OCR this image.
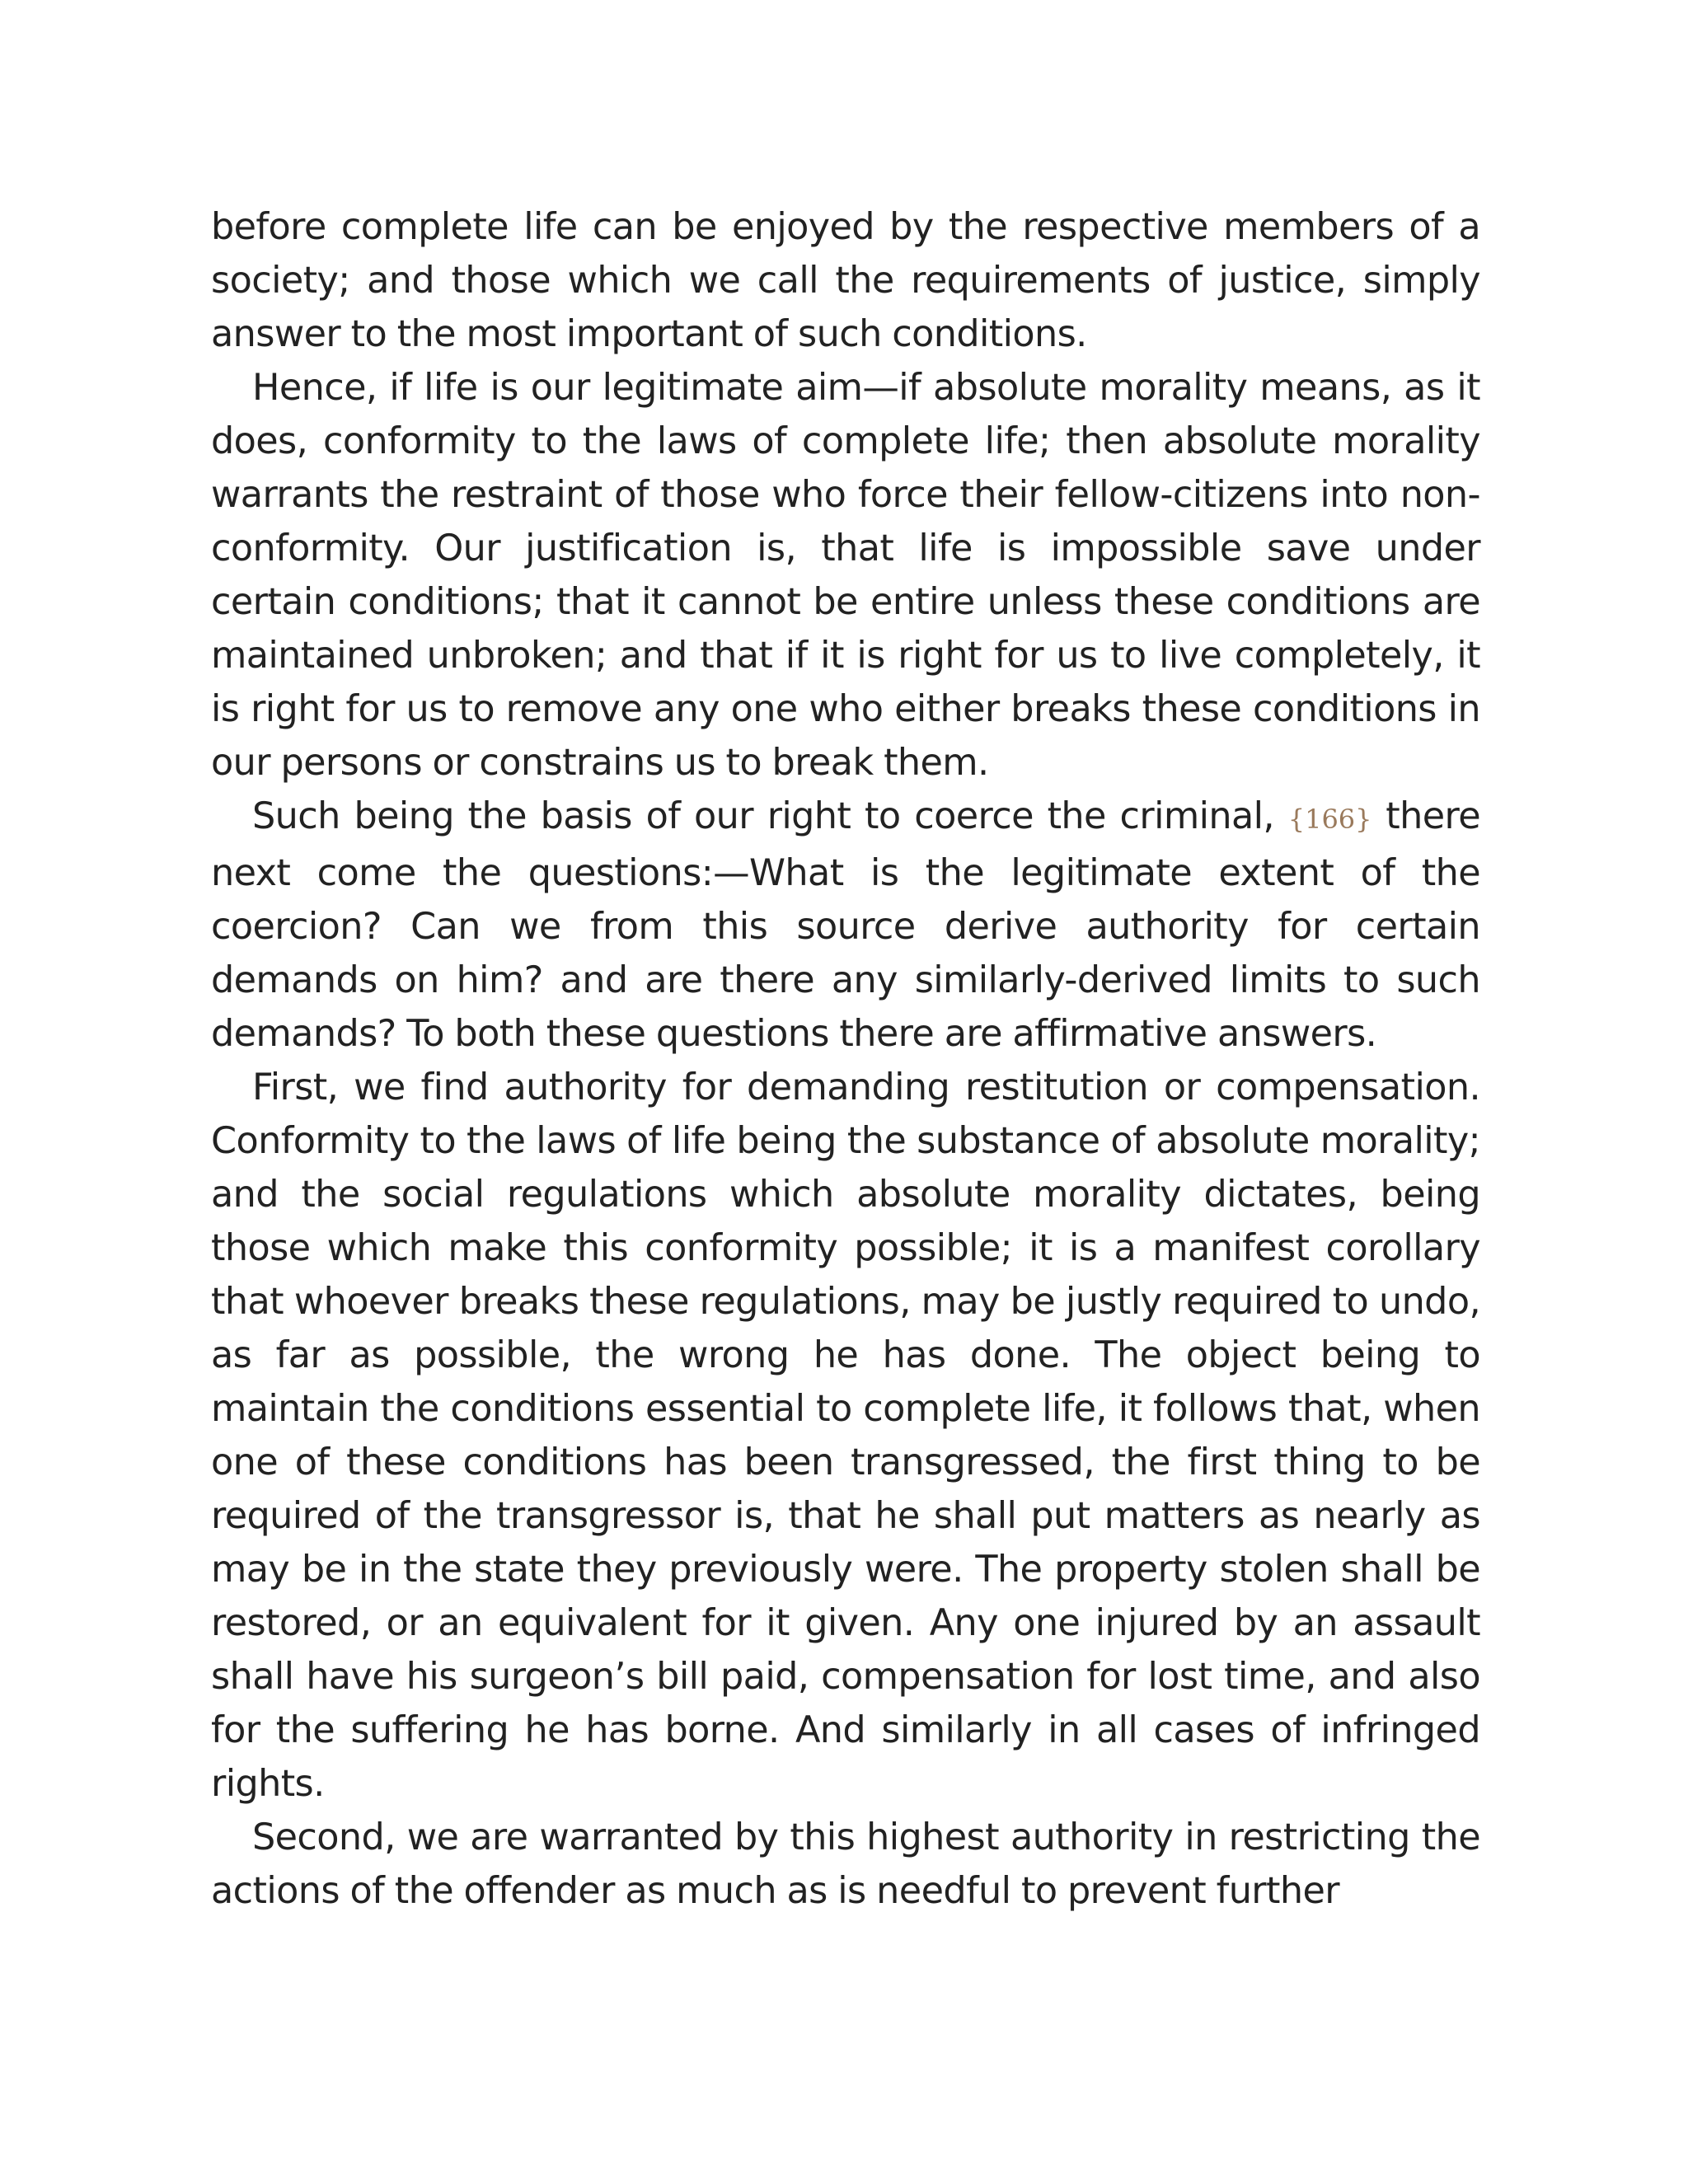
before complete life can be enjoyed by the respective members of a society; and those which we call the requirements of justice, simply answer to the most important of such conditions.

Hence, if life is our legitimate aim—if absolute morality means, as it does, conformity to the laws of complete life; then absolute morality warrants the restraint of those who force their fellow-citizens into non-conformity. Our justification is, that life is impossible save under certain conditions; that it cannot be entire unless these conditions are maintained unbroken; and that if it is right for us to live completely, it is right for us to remove any one who either breaks these conditions in our persons or constrains us to break them.

Such being the basis of our right to coerce the criminal, {166} there next come the questions:—What is the legitimate extent of the coercion? Can we from this source derive authority for certain demands on him? and are there any similarly-derived limits to such demands? To both these questions there are affirmative answers.

First, we find authority for demanding restitution or compensation. Conformity to the laws of life being the substance of absolute morality; and the social regulations which absolute morality dictates, being those which make this conformity possible; it is a manifest corollary that whoever breaks these regulations, may be justly required to undo, as far as possible, the wrong he has done. The object being to maintain the conditions essential to complete life, it follows that, when one of these conditions has been transgressed, the first thing to be required of the transgressor is, that he shall put matters as nearly as may be in the state they previously were. The property stolen shall be restored, or an equivalent for it given. Any one injured by an assault shall have his surgeon’s bill paid, compensation for lost time, and also for the suffering he has borne. And similarly in all cases of infringed rights.

Second, we are warranted by this highest authority in restricting the actions of the offender as much as is needful to prevent further
